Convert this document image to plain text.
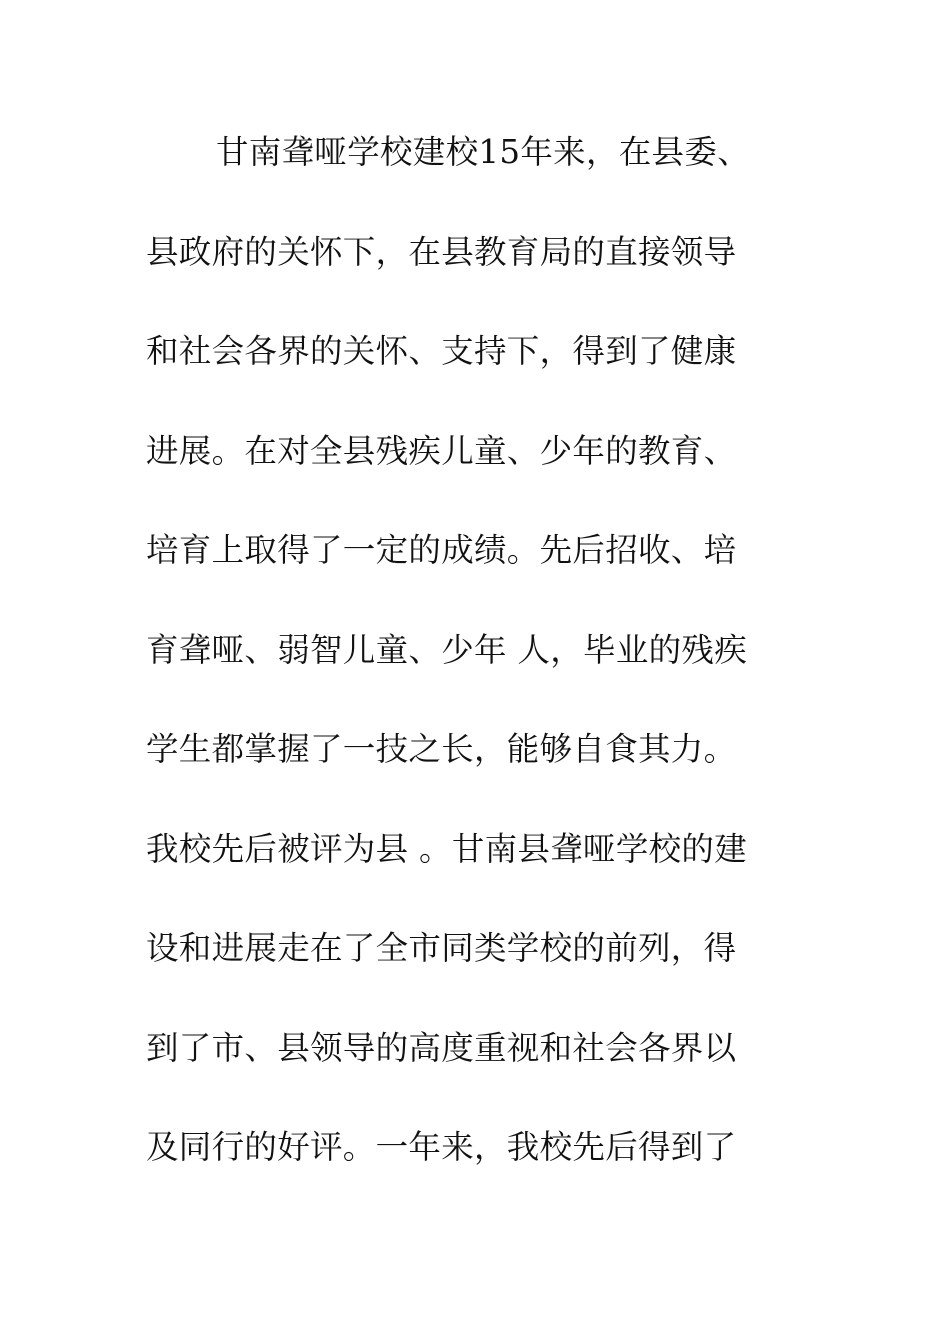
甘南聋哑学校建校15年来，在县委、
县政府的关怀下，在县教育局的直接领导
和社会各界的关怀、支持下，得到了健康
进展。在对全县残疾儿童、少年的教育、
培育上取得了一定的成绩。先后招收、培
育聋哑、弱智儿童、少年 人，毕业的残疾
学生都掌握了一技之长，能够自食其力。
我校先后被评为县 。甘南县聋哑学校的建
设和进展走在了全市同类学校的前列，得
到了市、县领导的高度重视和社会各界以
及同行的好评。一年来，我校先后得到了
